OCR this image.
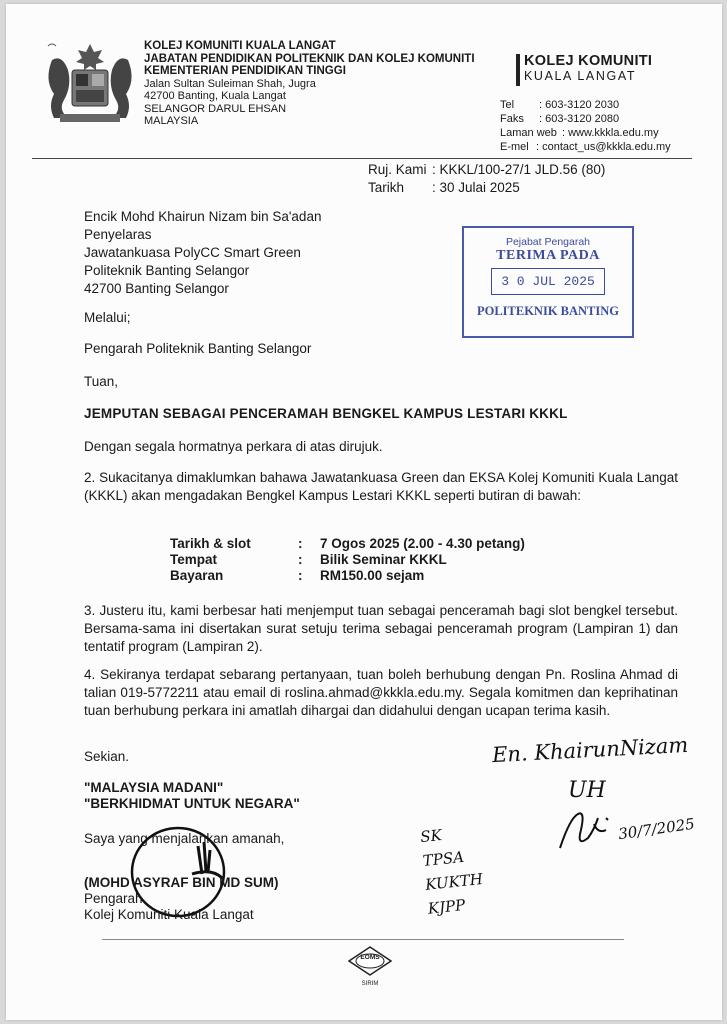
KOLEJ KOMUNITI KUALA LANGAT
JABATAN PENDIDIKAN POLITEKNIK DAN KOLEJ KOMUNITI
KEMENTERIAN PENDIDIKAN TINGGI
Jalan Sultan Suleiman Shah, Jugra
42700 Banting, Kuala Langat
SELANGOR DARUL EHSAN
MALAYSIA
KOLEJ KOMUNITI
KUALA LANGAT
Tel	: 603-3120 2030
Faks	: 603-3120 2080
Laman web : www.kkkla.edu.my
E-mel : contact_us@kkkla.edu.my
Ruj. Kami : KKKL/100-27/1 JLD.56 (80)
Tarikh	: 30 Julai 2025
Encik Mohd Khairun Nizam bin Sa'adan
Penyelaras
Jawatankuasa PolyCC Smart Green
Politeknik Banting Selangor
42700 Banting Selangor
Pejabat Pengarah
TERIMA PADA
3 0 JUL 2025
POLITEKNIK BANTING
Melalui;
Pengarah Politeknik Banting Selangor
Tuan,
JEMPUTAN SEBAGAI PENCERAMAH BENGKEL KAMPUS LESTARI KKKL
Dengan segala hormatnya perkara di atas dirujuk.
2. Sukacitanya dimaklumkan bahawa Jawatankuasa Green dan EKSA Kolej Komuniti Kuala Langat (KKKL) akan mengadakan Bengkel Kampus Lestari KKKL seperti butiran di bawah:
Tarikh & slot	:	7 Ogos 2025 (2.00 - 4.30 petang)
Tempat	:	Bilik Seminar KKKL
Bayaran	:	RM150.00 sejam
3. Justeru itu, kami berbesar hati menjemput tuan sebagai penceramah bagi slot bengkel tersebut. Bersama-sama ini disertakan surat setuju terima sebagai penceramah program (Lampiran 1) dan tentatif program (Lampiran 2).
4. Sekiranya terdapat sebarang pertanyaan, tuan boleh berhubung dengan Pn. Roslina Ahmad di talian 019-5772211 atau email di roslina.ahmad@kkkla.edu.my. Segala komitmen dan keprihatinan tuan berhubung perkara ini amatlah dihargai dan didahului dengan ucapan terima kasih.
Sekian.
"MALAYSIA MADANI"
"BERKHIDMAT UNTUK NEGARA"
Saya yang menjalankan amanah,
(MOHD ASYRAF BIN MD SUM)
Pengarah
Kolej Komuniti Kuala Langat
En. KhairunNizam
UH
30/7/2025
SK
TPSA
KUKTH
KJPP
EOMS
SIRIM
